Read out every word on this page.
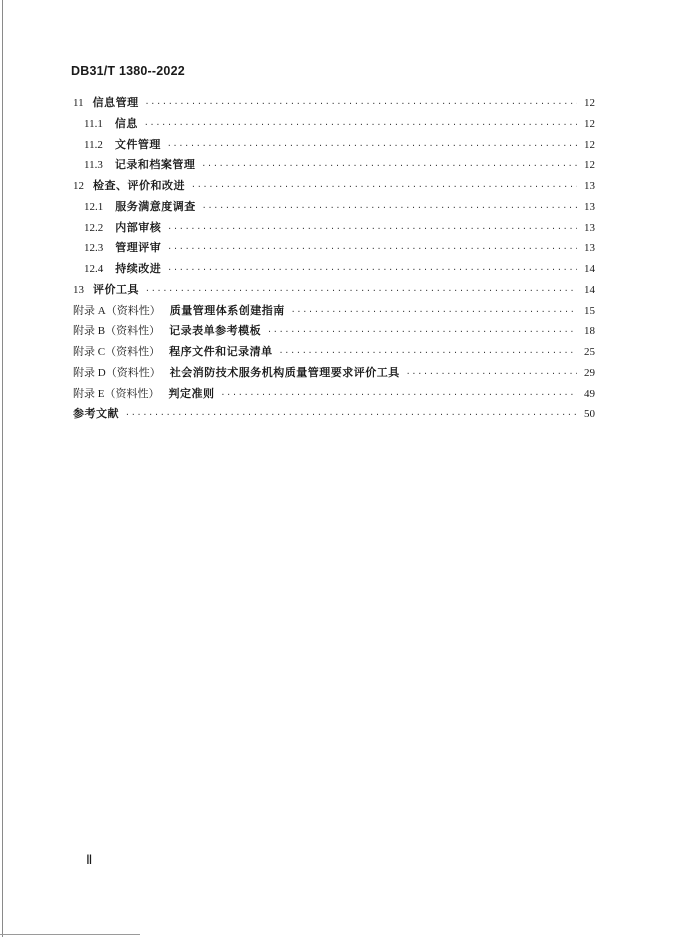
DB31/T 1380--2022
11 信息管理 ·····	12
11.1 信息 ·····	12
11.2 文件管理 ·····	12
11.3 记录和档案管理 ·····	12
12 检查、评价和改进 ·····	13
12.1 服务满意度调查 ·····	13
12.2 内部审核 ·····	13
12.3 管理评审 ·····	13
12.4 持续改进 ·····	14
13 评价工具 ·····	14
附录 A（资料性） 质量管理体系创建指南 ·····	15
附录 B（资料性） 记录表单参考模板 ·····	18
附录 C（资料性） 程序文件和记录清单 ·····	25
附录 D（资料性） 社会消防技术服务机构质量管理要求评价工具 ·····	29
附录 E（资料性） 判定准则 ·····	49
参考文献 ·····	50
Ⅱ
